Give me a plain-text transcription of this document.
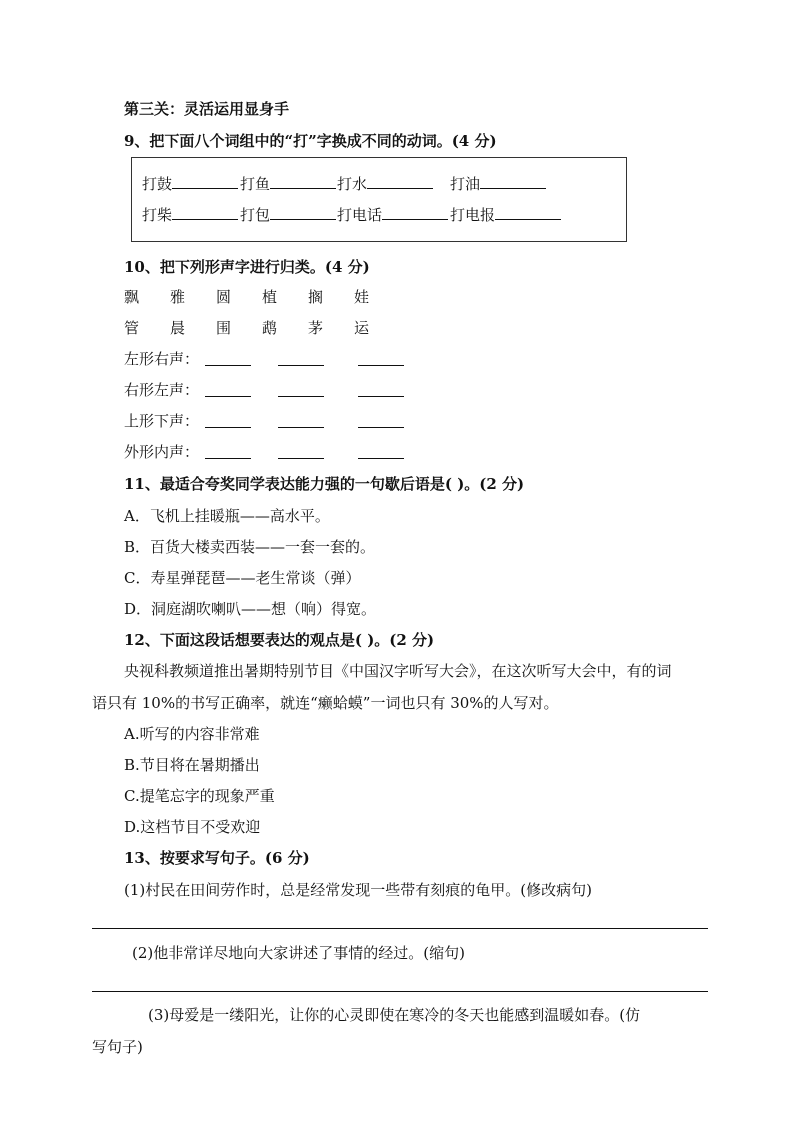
第三关：灵活运用显身手
9、把下面八个词组中的“打”字换成不同的动词。(4 分)
打鼓	打鱼	打水	打油
打柴	打包	打电话	打电报
10、把下列形声字进行归类。(4 分)
飘 雅 圆 植 搁 娃
管 晨 围 鹉 茅 运
左形右声：
右形左声：
上形下声：
外形内声：
11、最适合夸奖同学表达能力强的一句歇后语是( )。(2 分)
A．飞机上挂暖瓶——高水平。
B．百货大楼卖西装——一套一套的。
C．寿星弹琵琶——老生常谈（弹）
D．洞庭湖吹喇叭——想（响）得宽。
12、下面这段话想要表达的观点是( )。(2 分)
央视科教频道推出暑期特别节目《中国汉字听写大会》，在这次听写大会中，有的词
语只有 10%的书写正确率，就连“癞蛤蟆”一词也只有 30%的人写对。
A.听写的内容非常难
B.节目将在暑期播出
C.提笔忘字的现象严重
D.这档节目不受欢迎
13、按要求写句子。(6 分)
(1)村民在田间劳作时，总是经常发现一些带有刻痕的龟甲。(修改病句)
(2)他非常详尽地向大家讲述了事情的经过。(缩句)
(3)母爱是一缕阳光，让你的心灵即使在寒冷的冬天也能感到温暖如春。(仿
写句子)
